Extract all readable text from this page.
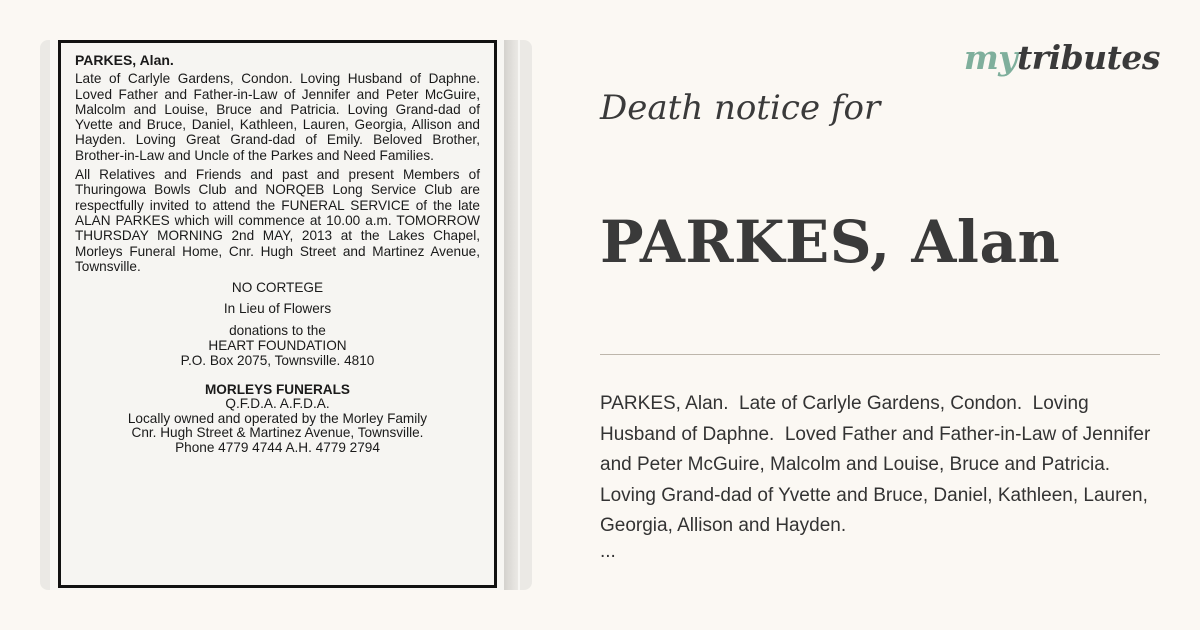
PARKES, Alan.

Late of Carlyle Gardens, Condon. Loving Husband of Daphne. Loved Father and Father-in-Law of Jennifer and Peter McGuire, Malcolm and Louise, Bruce and Patricia. Loving Grand-dad of Yvette and Bruce, Daniel, Kathleen, Lauren, Georgia, Allison and Hayden. Loving Great Grand-dad of Emily. Beloved Brother, Brother-in-Law and Uncle of the Parkes and Need Families.

All Relatives and Friends and past and present Members of Thuringowa Bowls Club and NORQEB Long Service Club are respectfully invited to attend the FUNERAL SERVICE of the late ALAN PARKES which will commence at 10.00 a.m. TOMORROW THURSDAY MORNING 2nd MAY, 2013 at the Lakes Chapel, Morleys Funeral Home, Cnr. Hugh Street and Martinez Avenue, Townsville.

NO CORTEGE

In Lieu of Flowers

donations to the

HEART FOUNDATION

P.O. Box 2075, Townsville. 4810

MORLEYS FUNERALS

Q.F.D.A. A.F.D.A.

Locally owned and operated by the Morley Family

Cnr. Hugh Street & Martinez Avenue, Townsville.

Phone 4779 4744 A.H. 4779 2794

mytributes
Death notice for
PARKES, Alan
PARKES, Alan.  Late of Carlyle Gardens, Condon.  Loving Husband of Daphne.  Loved Father and Father-in-Law of Jennifer and Peter McGuire, Malcolm and Louise, Bruce and Patricia.  Loving Grand-dad of Yvette and Bruce, Daniel, Kathleen, Lauren, Georgia, Allison and Hayden.
...
